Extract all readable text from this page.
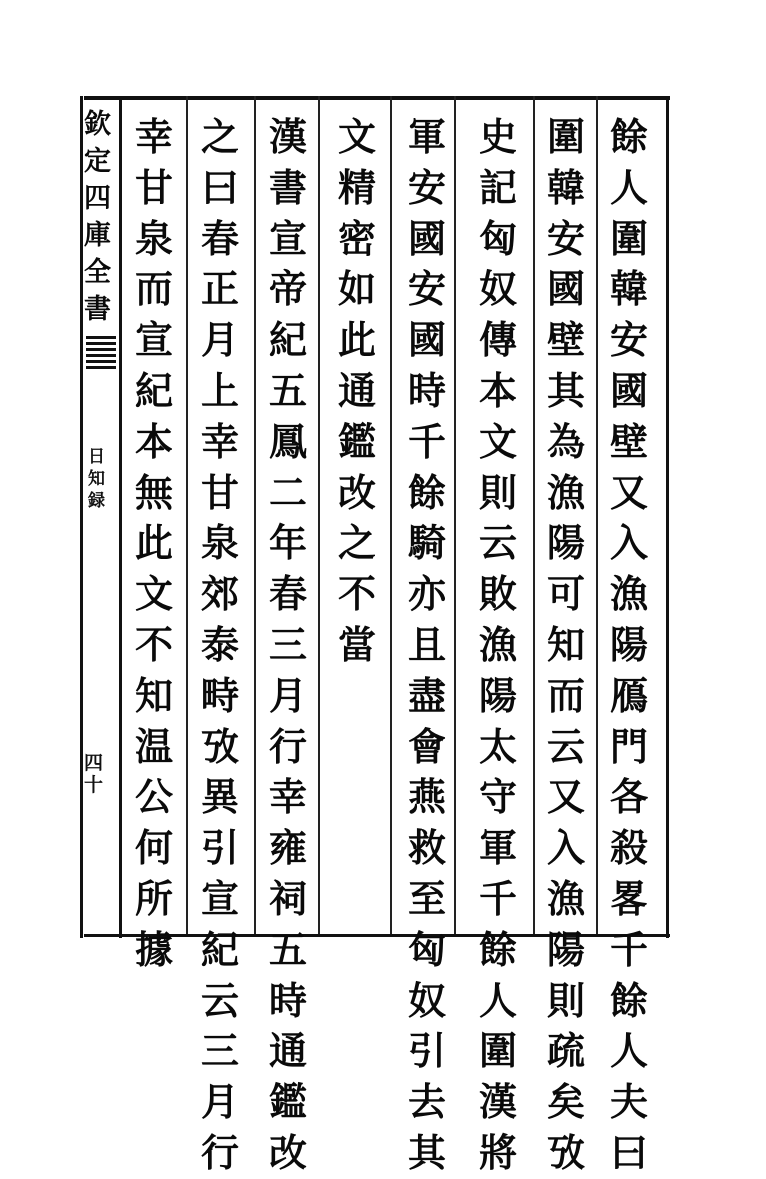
欽
定
四
庫
全
書
日
知
録
四
十
餘
人
圍
韓
安
國
壁
又
入
漁
陽
鴈
門
各
殺
畧
千
餘
人
夫
曰
圍
韓
安
國
壁
其
為
漁
陽
可
知
而
云
又
入
漁
陽
則
疏
矣
攷
史
記
匈
奴
傳
本
文
則
云
敗
漁
陽
太
守
軍
千
餘
人
圍
漢
將
軍
安
國
安
國
時
千
餘
騎
亦
且
盡
會
燕
救
至
匈
奴
引
去
其
文
精
密
如
此
通
鑑
改
之
不
當
漢
書
宣
帝
紀
五
鳳
二
年
春
三
月
行
幸
雍
祠
五
時
通
鑑
改
之
曰
春
正
月
上
幸
甘
泉
郊
泰
畤
攷
異
引
宣
紀
云
三
月
行
幸
甘
泉
而
宣
紀
本
無
此
文
不
知
温
公
何
所
據
